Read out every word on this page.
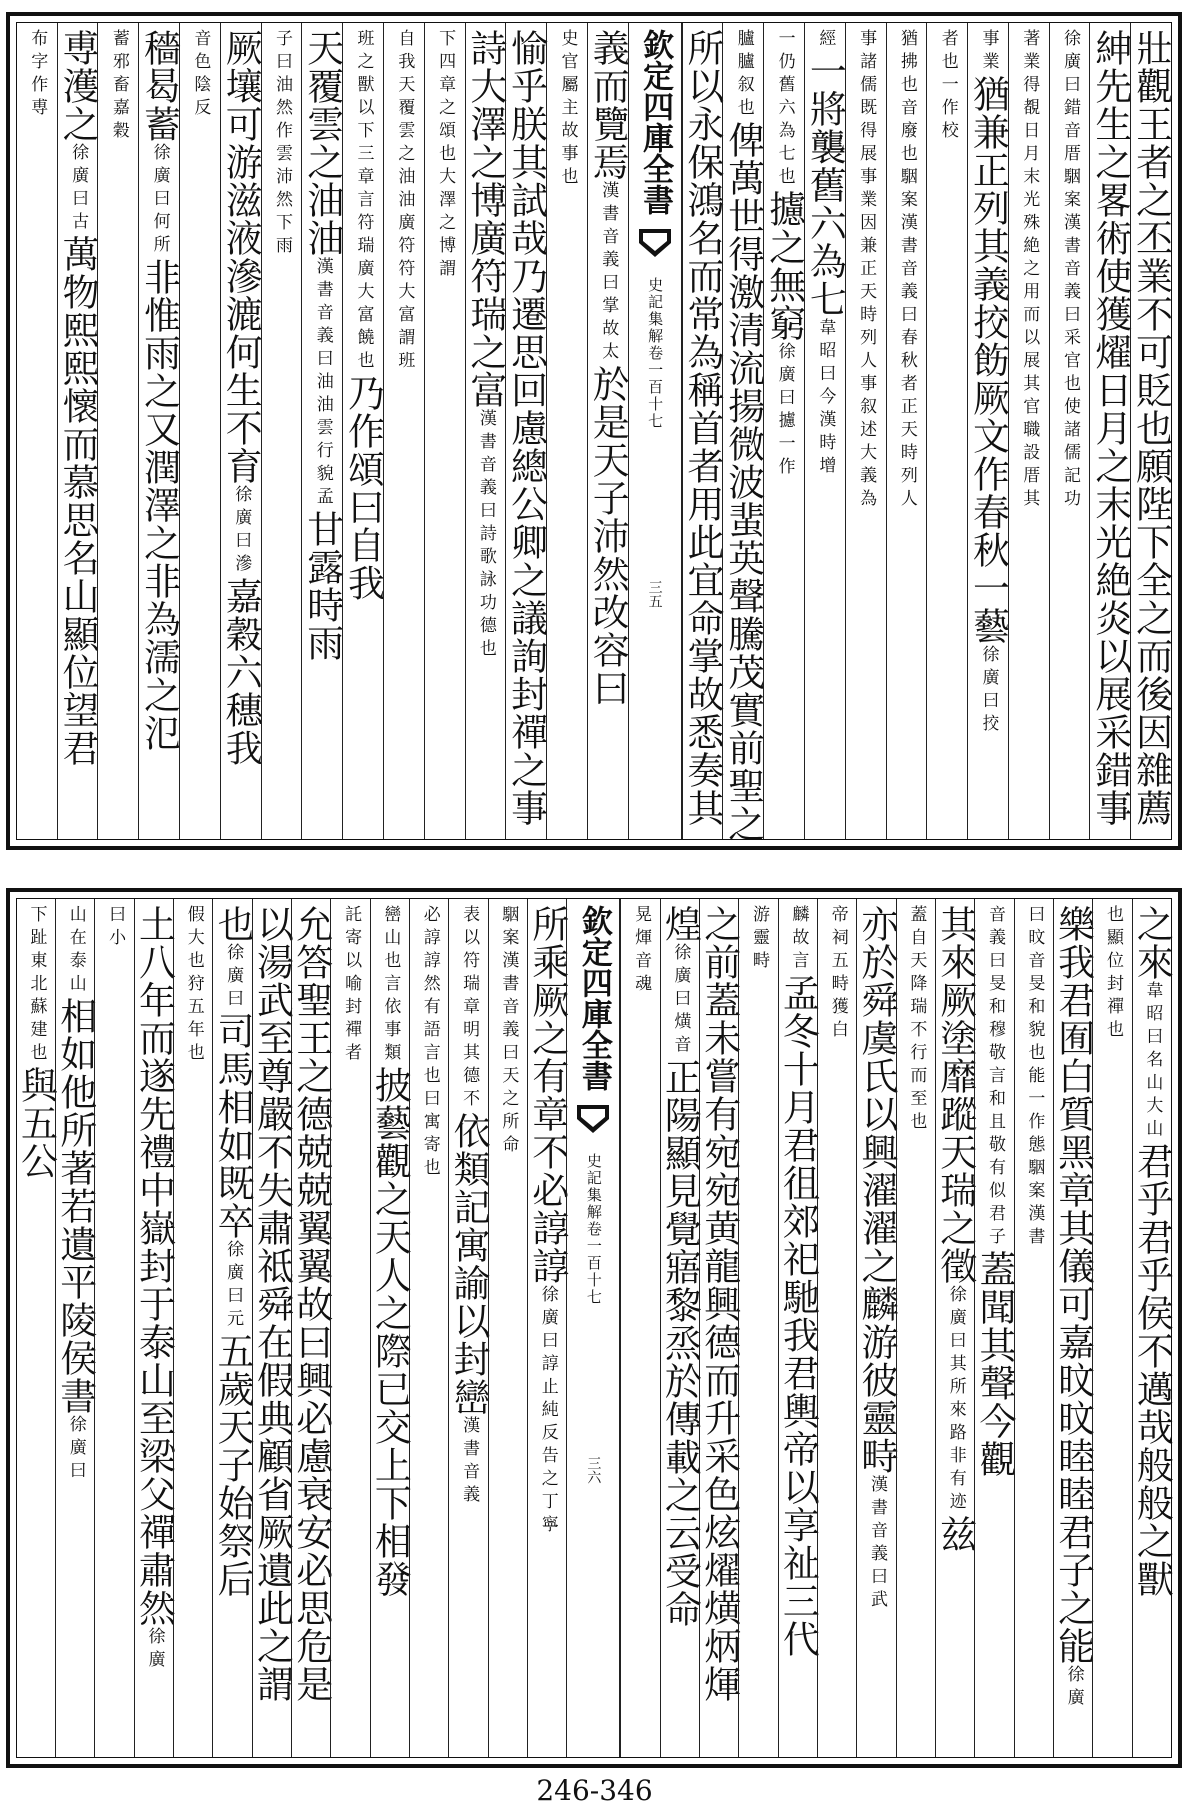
壯觀王者之丕業不可貶也願陛下全之而後因雜薦
紳先生之畧術使獲燿日月之末光絶炎以展采錯事
徐廣曰錯音厝駰案漢書音義曰采官也使諸儒記功
著業得覩日月末光殊絶之用而以展其官職設厝其
事業
猶兼正列其義挍飭厥文作春秋一藝
徐廣曰挍
者也
一作校
猶拂也音廢也駰案漢書音義曰春秋者正天時列人
事諸儒既得展事業因兼正天時列人事叙述大義為
經
一將襲舊六為七
韋昭曰今漢時增
一仍舊六為七也
攄之無窮
徐廣曰攄一作
臚臚
叙也
俾萬世得激清流揚微波蜚英聲騰茂實前聖之
所以永保鴻名而常為稱首者用此宜命掌故悉奏其
欽定四庫全書
史記集解卷一百十七
三五
義而覽焉
漢書音義曰掌故太
於是天子沛然改容曰
史官屬主故事也
愉乎朕其試哉乃遷思回慮總公卿之議詢封禪之事
詩大澤之博廣符瑞之富
漢書音義曰詩歌詠功德也
下四章之頌也大澤之博謂
自我天覆雲之油油廣符符大富謂班
班之獸以下三章言符瑞廣大富饒也
乃作頌曰自我
天覆雲之油油
漢書音義曰油油雲行貌孟
甘露時雨
子曰油然作雲沛然下雨
厥壤可游滋液滲漉何生不育
徐廣曰滲
嘉穀六穗我
音色陰反
穡曷蓄
徐廣曰何所
非惟雨之又潤澤之非為濡之氾
蓄邪畜嘉穀
尃濩之
徐廣曰古
萬物熙熙懷而慕思名山顯位望君
布字作尃
之來
韋昭曰名山大山
君乎君乎侯不邁哉般般之獸
也顯位封禪也
樂我君囿白質黑章其儀可嘉旼旼睦睦君子之能
徐廣
曰旼音旻和貌也能一作態駰案漢書
音義曰旻和穆敬言和且敬有似君子
蓋聞其聲今觀
其來厥塗靡蹤天瑞之徵
徐廣曰其所來路非有迹
兹
蓋自天降瑞不行而至也
亦於舜虞氏以興濯濯之麟游彼靈畤
漢書音義曰武
帝祠五畤獲白
麟故言
孟冬十月君徂郊祀馳我君輿帝以享祉三代
游靈畤
之前蓋未嘗有宛宛黄龍興德而升采色炫燿熿炳煇
煌
徐廣曰熿音
正陽顯見覺寤黎烝於傳載之云受命
晃煇音魂
欽定四庫全書
史記集解卷一百十七
三六
所乘厥之有章不必諄諄
徐廣曰諄止純反告之丁寧
駰案漢書音義曰天之所命
表以符瑞章明其德不
依類記寓諭以封巒
漢書音義
必諄諄然有語言也
曰寓寄也
巒山也言依事類
披藝觀之天人之際已交上下相發
託寄以喻封禪者
允答聖王之德兢兢翼翼故曰興必慮衰安必思危是
以湯武至尊嚴不失肅祗舜在假典顧省厥遺此之謂
也
徐廣曰
司馬相如既卒
徐廣曰元
五歲天子始祭后
假大也
狩五年也
土八年而遂先禮中嶽封于泰山至梁父禪肅然
徐廣
曰小
山在泰山
相如他所著若遺平陵侯書
徐廣曰
下趾東北
蘇建也
與五公
246-346
